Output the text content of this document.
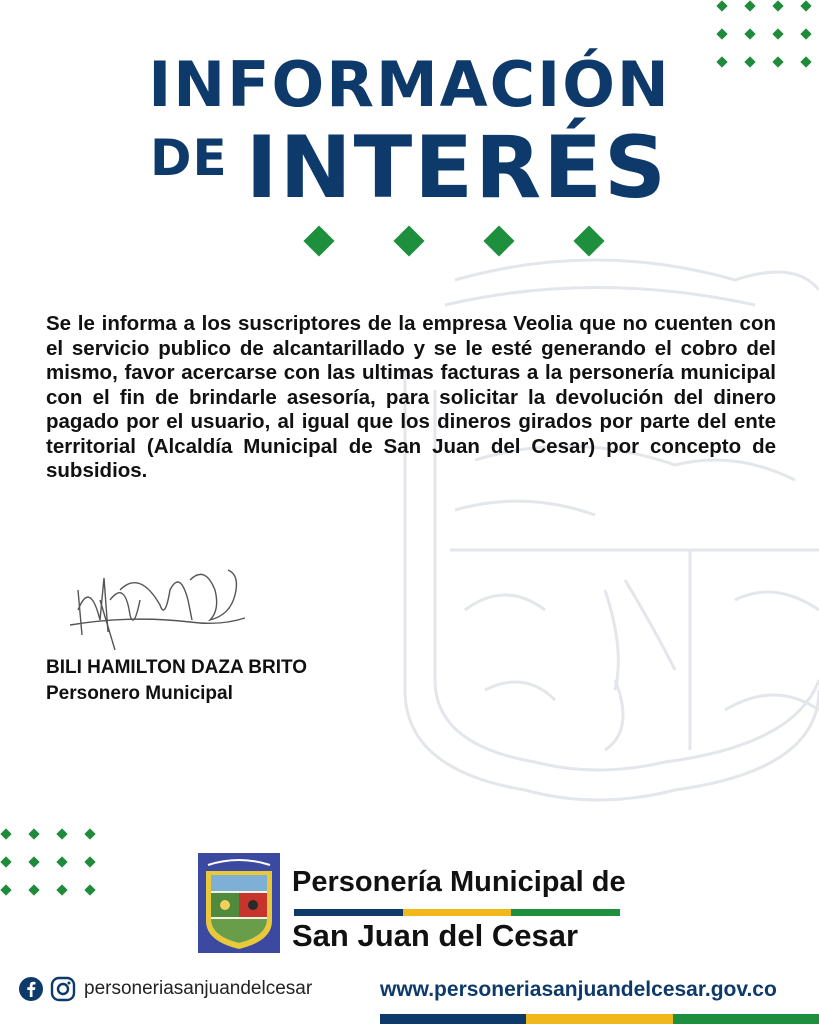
INFORMACIÓN
DE INTERÉS
Se le informa a los suscriptores de la empresa Veolia que no cuenten con el servicio publico de alcantarillado y se le esté generando el cobro del mismo, favor acercarse con las ultimas facturas a la personería municipal con el fin de brindarle asesoría, para solicitar la devolución del dinero pagado por el usuario, al igual que los dineros girados por parte del ente territorial (Alcaldía Municipal de San Juan del Cesar) por concepto de subsidios.
BILI HAMILTON DAZA BRITO
Personero Municipal
Personería Municipal de
San Juan del Cesar
personeriasanjuandelcesar	www.personeriasanjuandelcesar.gov.co
